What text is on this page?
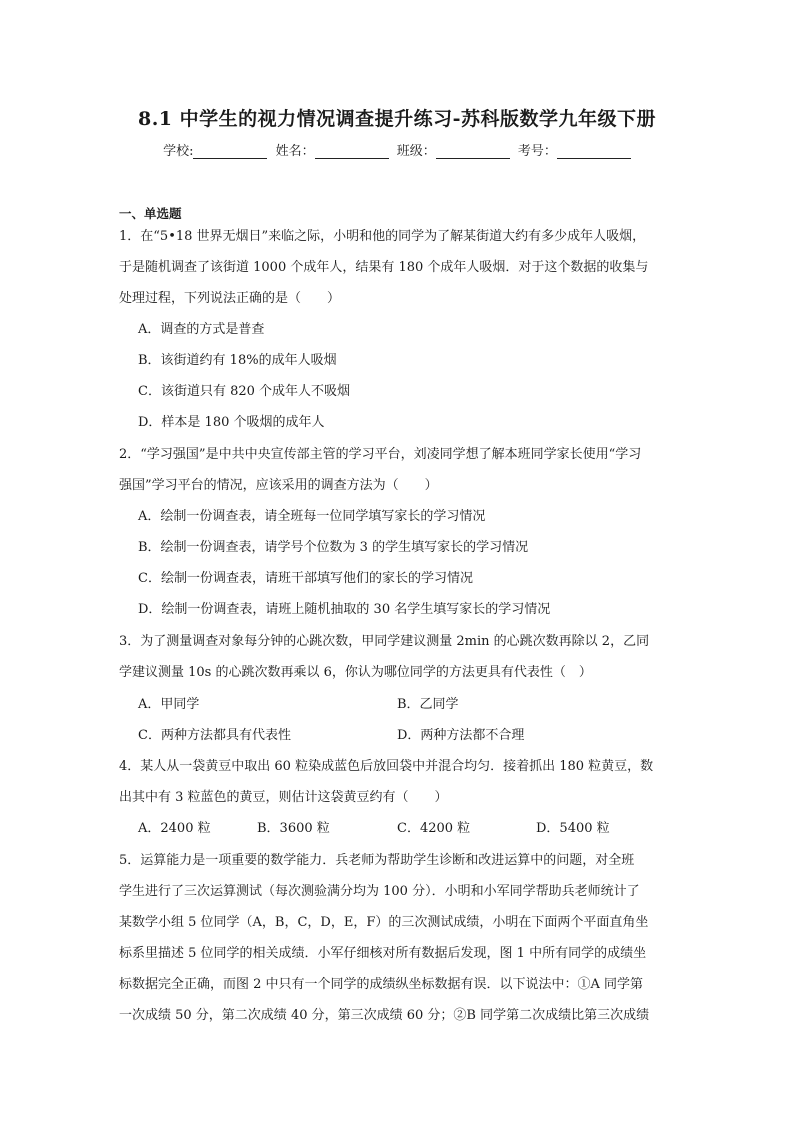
8.1 中学生的视力情况调查提升练习-苏科版数学九年级下册
学校:	姓名：	班级：	考号：
一、单选题
1．在“5•18 世界无烟日”来临之际，小明和他的同学为了解某街道大约有多少成年人吸烟，
于是随机调查了该街道 1000 个成年人，结果有 180 个成年人吸烟．对于这个数据的收集与
处理过程，下列说法正确的是（　　）
A．调查的方式是普查
B．该街道约有 18%的成年人吸烟
C．该街道只有 820 个成年人不吸烟
D．样本是 180 个吸烟的成年人
2．“学习强国”是中共中央宣传部主管的学习平台，刘凌同学想了解本班同学家长使用“学习
强国”学习平台的情况，应该采用的调查方法为（　　）
A．绘制一份调查表，请全班每一位同学填写家长的学习情况
B．绘制一份调查表，请学号个位数为 3 的学生填写家长的学习情况
C．绘制一份调查表，请班干部填写他们的家长的学习情况
D．绘制一份调查表，请班上随机抽取的 30 名学生填写家长的学习情况
3．为了测量调查对象每分钟的心跳次数，甲同学建议测量 2min 的心跳次数再除以 2，乙同
学建议测量 10s 的心跳次数再乘以 6，你认为哪位同学的方法更具有代表性（　）
A．甲同学	B．乙同学
C．两种方法都具有代表性	D．两种方法都不合理
4．某人从一袋黄豆中取出 60 粒染成蓝色后放回袋中并混合均匀．接着抓出 180 粒黄豆，数
出其中有 3 粒蓝色的黄豆，则估计这袋黄豆约有（　　）
A．2400 粒	B．3600 粒	C．4200 粒	D．5400 粒
5．运算能力是一项重要的数学能力．兵老师为帮助学生诊断和改进运算中的问题，对全班
学生进行了三次运算测试（每次测验满分均为 100 分）．小明和小军同学帮助兵老师统计了
某数学小组 5 位同学（A，B，C，D，E，F）的三次测试成绩，小明在下面两个平面直角坐
标系里描述 5 位同学的相关成绩．小军仔细核对所有数据后发现，图 1 中所有同学的成绩坐
标数据完全正确，而图 2 中只有一个同学的成绩纵坐标数据有误．以下说法中：①A 同学第
一次成绩 50 分，第二次成绩 40 分，第三次成绩 60 分；②B 同学第二次成绩比第三次成绩
